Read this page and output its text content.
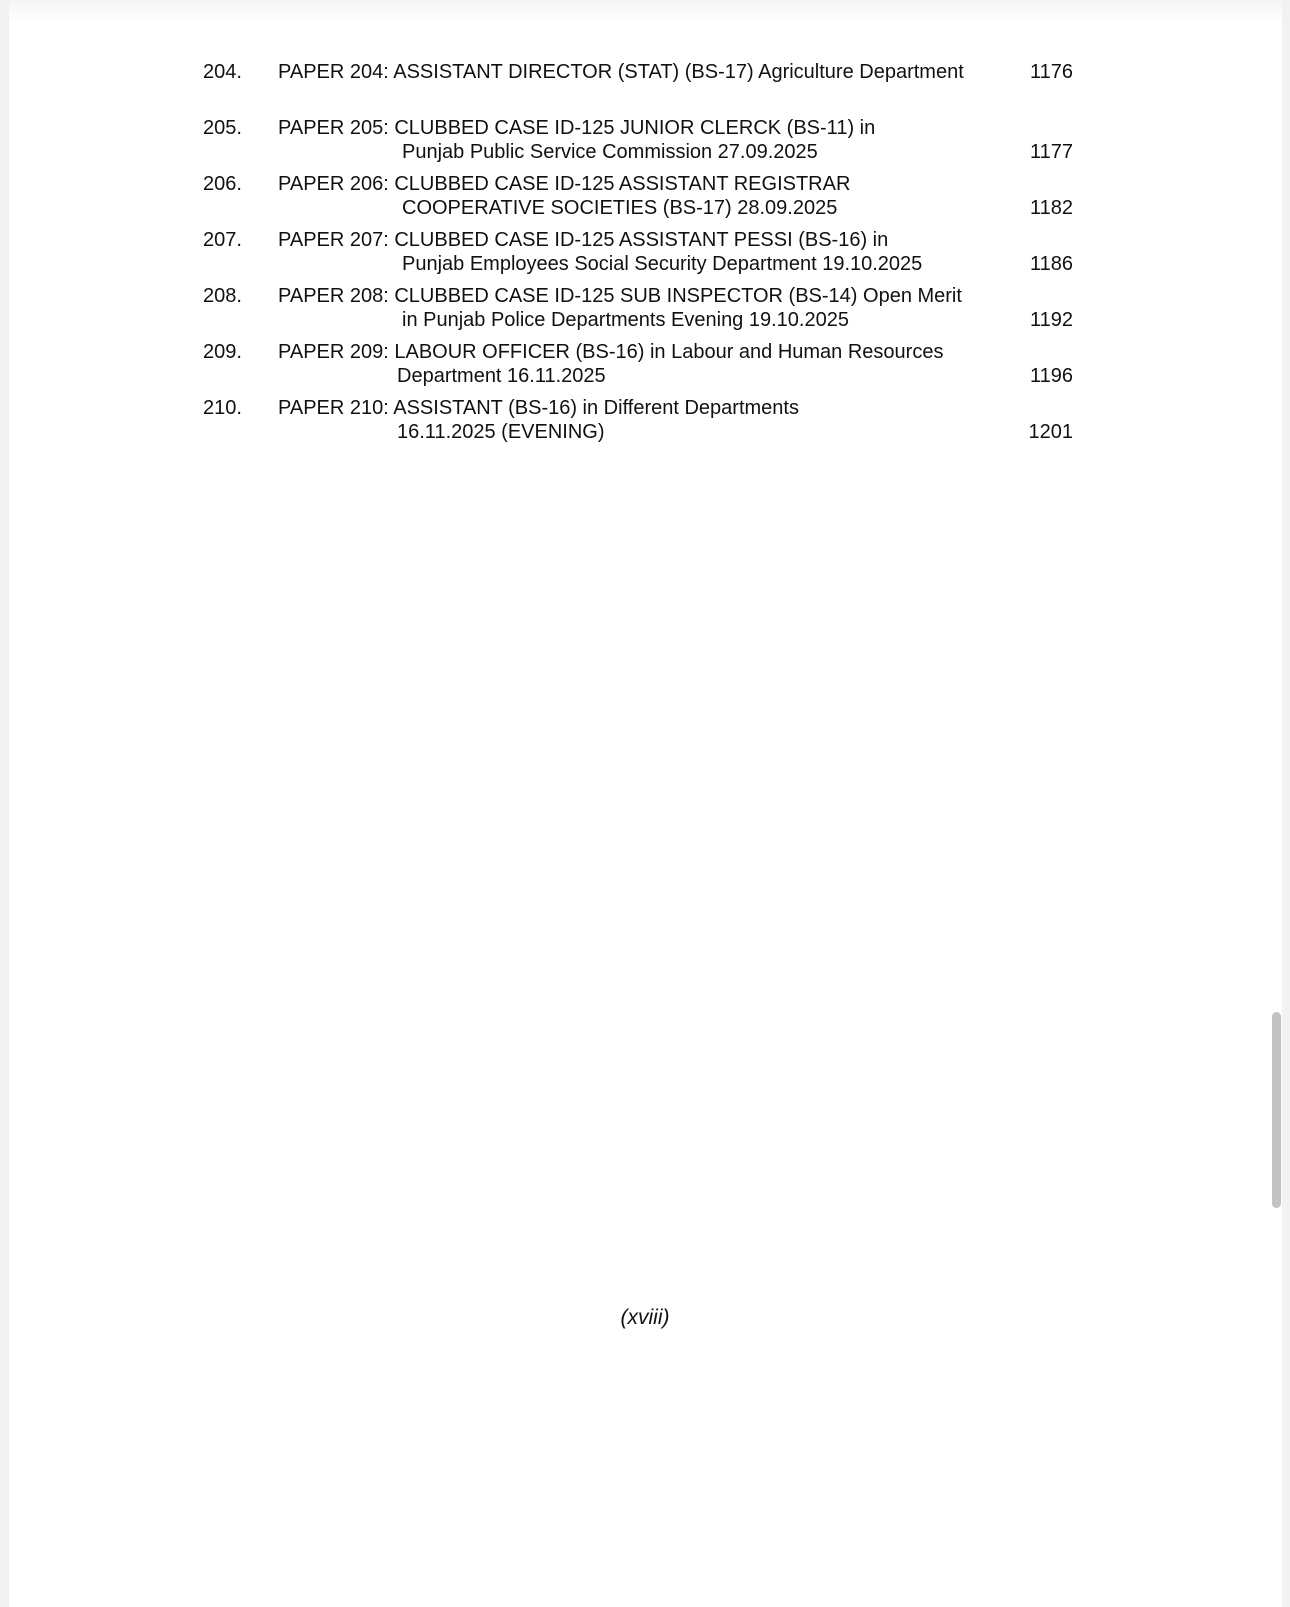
204. PAPER 204: ASSISTANT DIRECTOR (STAT) (BS-17) Agriculture Department	1176
205. PAPER 205: CLUBBED CASE ID-125 JUNIOR CLERCK (BS-11) in
Punjab Public Service Commission 27.09.2025	1177
206. PAPER 206: CLUBBED CASE ID-125 ASSISTANT REGISTRAR
COOPERATIVE SOCIETIES (BS-17) 28.09.2025	1182
207. PAPER 207: CLUBBED CASE ID-125 ASSISTANT PESSI (BS-16) in
Punjab Employees Social Security Department 19.10.2025	1186
208. PAPER 208: CLUBBED CASE ID-125 SUB INSPECTOR (BS-14) Open Merit
in Punjab Police Departments Evening 19.10.2025	1192
209. PAPER 209: LABOUR OFFICER (BS-16) in Labour and Human Resources
Department 16.11.2025	1196
210. PAPER 210: ASSISTANT (BS-16) in Different Departments
16.11.2025 (EVENING)	1201
(xviii)
